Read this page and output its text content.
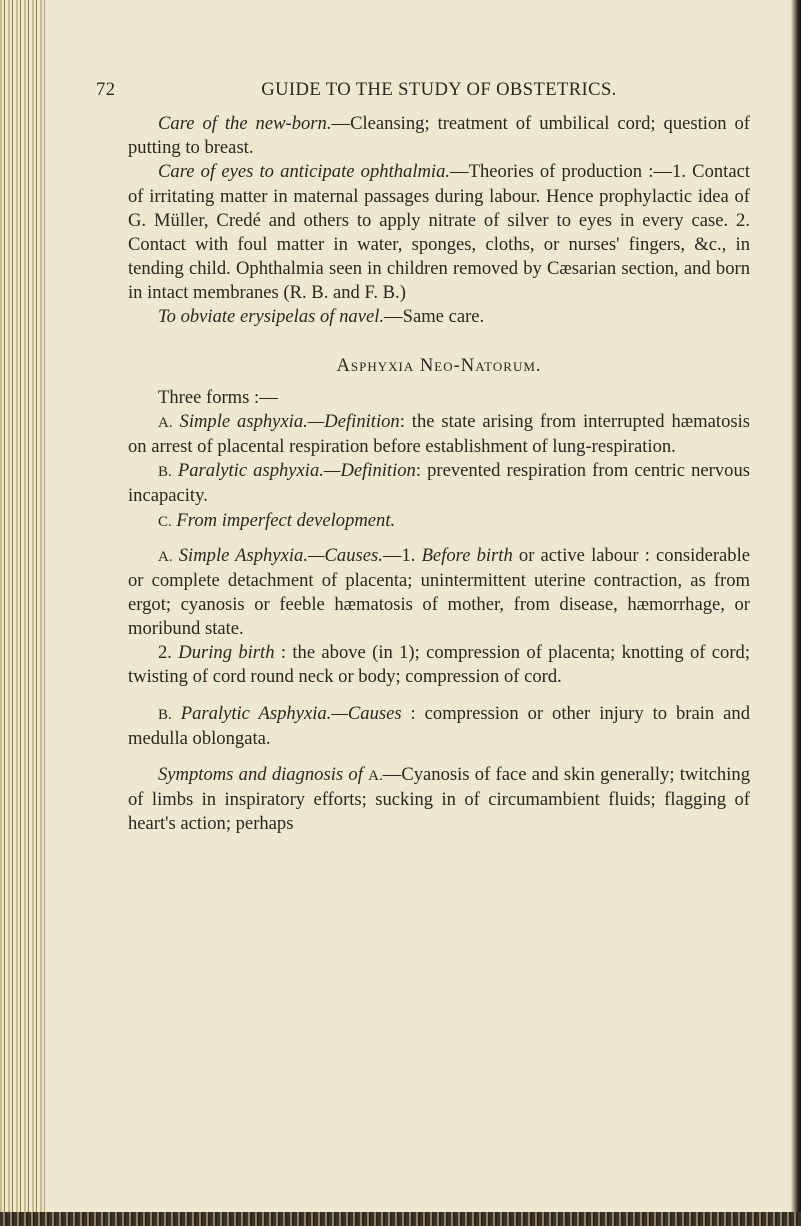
72	GUIDE TO THE STUDY OF OBSTETRICS.

Care of the new-born.—Cleansing; treatment of umbilical cord; question of putting to breast.

Care of eyes to anticipate ophthalmia.—Theories of production :—1. Contact of irritating matter in maternal passages during labour. Hence prophylactic idea of G. Müller, Credé and others to apply nitrate of silver to eyes in every case. 2. Contact with foul matter in water, sponges, cloths, or nurses' fingers, &c., in tending child. Ophthalmia seen in children removed by Cæsarian section, and born in intact membranes (R. B. and F. B.)

To obviate erysipelas of navel.—Same care.

Asphyxia Neo-Natorum.

Three forms :—

A. Simple asphyxia.—Definition: the state arising from interrupted hæmatosis on arrest of placental respiration before establishment of lung-respiration.

B. Paralytic asphyxia.—Definition: prevented respiration from centric nervous incapacity.

C. From imperfect development.

A. Simple Asphyxia.—Causes.—1. Before birth or active labour : considerable or complete detachment of placenta; unintermittent uterine contraction, as from ergot; cyanosis or feeble hæmatosis of mother, from disease, hæmorrhage, or moribund state.

2. During birth : the above (in 1); compression of placenta; knotting of cord; twisting of cord round neck or body; compression of cord.

B. Paralytic Asphyxia.—Causes : compression or other injury to brain and medulla oblongata.

Symptoms and diagnosis of A.—Cyanosis of face and skin generally; twitching of limbs in inspiratory efforts; sucking in of circumambient fluids; flagging of heart's action; perhaps
